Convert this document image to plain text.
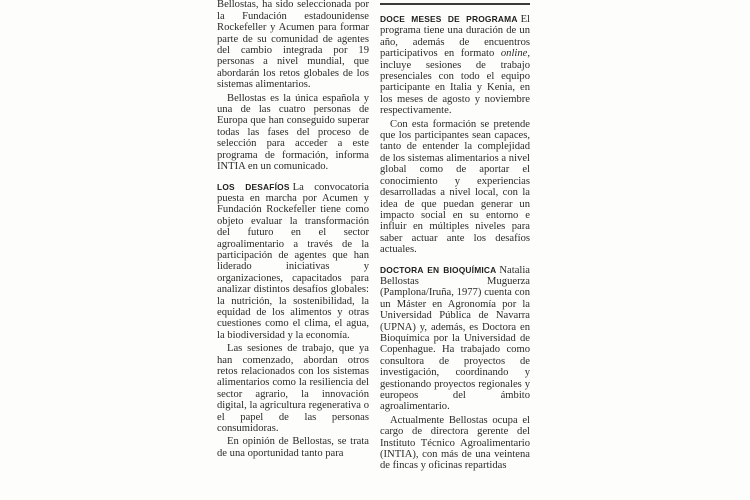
Bellostas, ha sido seleccionada por la Fundación estadounidense Rockefeller y Acumen para formar parte de su comunidad de agentes del cambio integrada por 19 personas a nivel mundial, que abordarán los retos globales de los sistemas alimentarios.

Bellostas es la única española y una de las cuatro personas de Europa que han conseguido superar todas las fases del proceso de selección para acceder a este programa de formación, informa INTIA en un comunicado.

LOS DESAFÍOS La convocatoria puesta en marcha por Acumen y Fundación Rockefeller tiene como objeto evaluar la transformación del futuro en el sector agroalimentario a través de la participación de agentes que han liderado iniciativas y organizaciones, capacitados para analizar distintos desafíos globales: la nutrición, la sostenibilidad, la equidad de los alimentos y otras cuestiones como el clima, el agua, la biodiversidad y la economía.

Las sesiones de trabajo, que ya han comenzado, abordan otros retos relacionados con los sistemas alimentarios como la resiliencia del sector agrario, la innovación digital, la agricultura regenerativa o el papel de las personas consumidoras.

En opinión de Bellostas, se trata de una oportunidad tanto para

DOCE MESES DE PROGRAMA El programa tiene una duración de un año, además de encuentros participativos en formato online, incluye sesiones de trabajo presenciales con todo el equipo participante en Italia y Kenia, en los meses de agosto y noviembre respectivamente.

Con esta formación se pretende que los participantes sean capaces, tanto de entender la complejidad de los sistemas alimentarios a nivel global como de aportar el conocimiento y experiencias desarrolladas a nivel local, con la idea de que puedan generar un impacto social en su entorno e influir en múltiples niveles para saber actuar ante los desafíos actuales.

DOCTORA EN BIOQUÍMICA Natalia Bellostas Muguerza (Pamplona/Iruña, 1977) cuenta con un Máster en Agronomía por la Universidad Pública de Navarra (UPNA) y, además, es Doctora en Bioquímica por la Universidad de Copenhague. Ha trabajado como consultora de proyectos de investigación, coordinando y gestionando proyectos regionales y europeos del ámbito agroalimentario.

Actualmente Bellostas ocupa el cargo de directora gerente del Instituto Técnico Agroalimentario (INTIA), con más de una veintena de fincas y oficinas repartidas
